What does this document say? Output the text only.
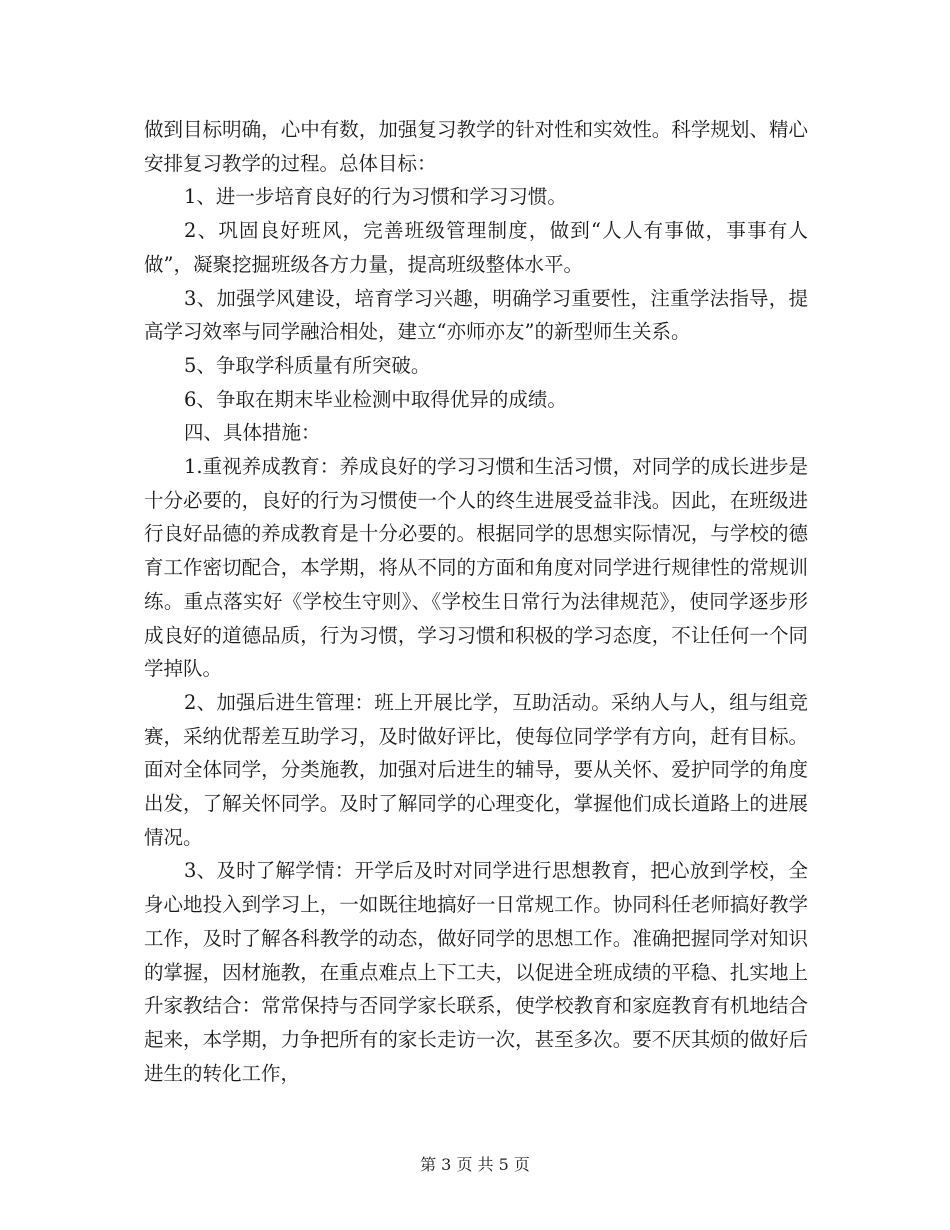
做到目标明确，心中有数，加强复习教学的针对性和实效性。科学规划、精心安排复习教学的过程。总体目标：

1、进一步培育良好的行为习惯和学习习惯。

2、巩固良好班风，完善班级管理制度，做到“人人有事做，事事有人做”，凝聚挖掘班级各方力量，提高班级整体水平。

3、加强学风建设，培育学习兴趣，明确学习重要性，注重学法指导，提高学习效率与同学融洽相处，建立“亦师亦友”的新型师生关系。

5、争取学科质量有所突破。

6、争取在期末毕业检测中取得优异的成绩。

四、具体措施：

1.重视养成教育：养成良好的学习习惯和生活习惯，对同学的成长进步是十分必要的，良好的行为习惯使一个人的终生进展受益非浅。因此，在班级进行良好品德的养成教育是十分必要的。根据同学的思想实际情况，与学校的德育工作密切配合，本学期，将从不同的方面和角度对同学进行规律性的常规训练。重点落实好《学校生守则》、《学校生日常行为法律规范》，使同学逐步形成良好的道德品质，行为习惯，学习习惯和积极的学习态度，不让任何一个同学掉队。

2、加强后进生管理：班上开展比学，互助活动。采纳人与人，组与组竞赛，采纳优帮差互助学习，及时做好评比，使每位同学学有方向，赶有目标。面对全体同学，分类施教，加强对后进生的辅导，要从关怀、爱护同学的角度出发，了解关怀同学。及时了解同学的心理变化，掌握他们成长道路上的进展情况。

3、及时了解学情：开学后及时对同学进行思想教育，把心放到学校，全身心地投入到学习上，一如既往地搞好一日常规工作。协同科任老师搞好教学工作，及时了解各科教学的动态，做好同学的思想工作。准确把握同学对知识的掌握，因材施教，在重点难点上下工夫，以促进全班成绩的平稳、扎实地上升家教结合：常常保持与否同学家长联系，使学校教育和家庭教育有机地结合起来，本学期，力争把所有的家长走访一次，甚至多次。要不厌其烦的做好后进生的转化工作，

第 3 页 共 5 页
